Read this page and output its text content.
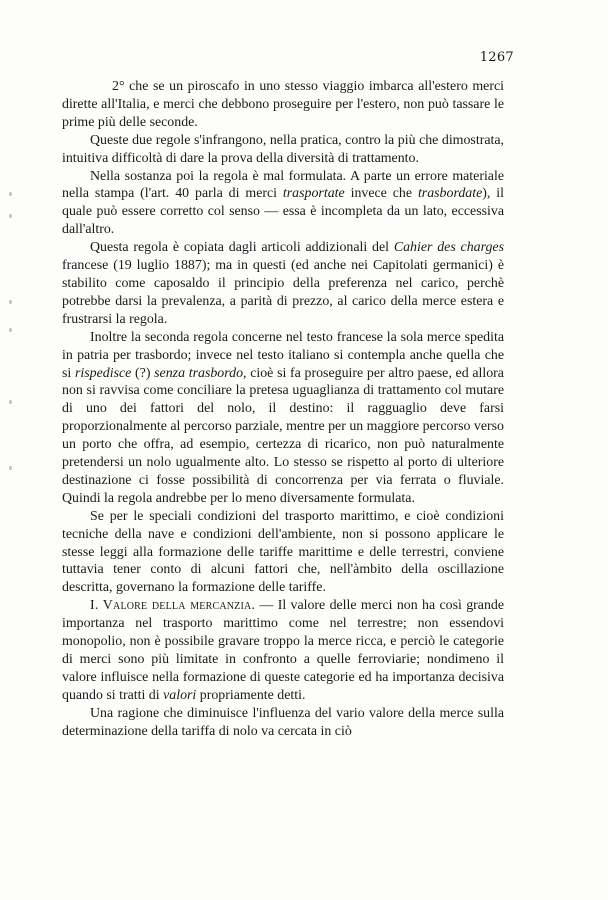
1267

2° che se un piroscafo in uno stesso viaggio imbarca all'estero merci dirette all'Italia, e merci che debbono proseguire per l'estero, non può tassare le prime più delle seconde.

Queste due regole s'infrangono, nella pratica, contro la più che dimostrata, intuitiva difficoltà di dare la prova della diversità di trattamento.

Nella sostanza poi la regola è mal formulata. A parte un errore materiale nella stampa (l'art. 40 parla di merci trasportate invece che trasbordate), il quale può essere corretto col senso — essa è incompleta da un lato, eccessiva dall'altro.

Questa regola è copiata dagli articoli addizionali del Cahier des charges francese (19 luglio 1887); ma in questi (ed anche nei Capitolati germanici) è stabilito come caposaldo il principio della preferenza nel carico, perchè potrebbe darsi la prevalenza, a parità di prezzo, al carico della merce estera e frustrarsi la regola.

Inoltre la seconda regola concerne nel testo francese la sola merce spedita in patria per trasbordo; invece nel testo italiano si contempla anche quella che si rispedisce (?) senza trasbordo, cioè si fa proseguire per altro paese, ed allora non si ravvisa come conciliare la pretesa uguaglianza di trattamento col mutare di uno dei fattori del nolo, il destino: il ragguaglio deve farsi proporzionalmente al percorso parziale, mentre per un maggiore percorso verso un porto che offra, ad esempio, certezza di ricarico, non può naturalmente pretendersi un nolo ugualmente alto. Lo stesso se rispetto al porto di ulteriore destinazione ci fosse possibilità di concorrenza per via ferrata o fluviale. Quindi la regola andrebbe per lo meno diversamente formulata.

Se per le speciali condizioni del trasporto marittimo, e cioè condizioni tecniche della nave e condizioni dell'ambiente, non si possono applicare le stesse leggi alla formazione delle tariffe marittime e delle terrestri, conviene tuttavia tener conto di alcuni fattori che, nell'àmbito della oscillazione descritta, governano la formazione delle tariffe.

I. Valore della mercanzia. — Il valore delle merci non ha così grande importanza nel trasporto marittimo come nel terrestre; non essendovi monopolio, non è possibile gravare troppo la merce ricca, e perciò le categorie di merci sono più limitate in confronto a quelle ferroviarie; nondimeno il valore influisce nella formazione di queste categorie ed ha importanza decisiva quando si tratti di valori propriamente detti.

Una ragione che diminuisce l'influenza del vario valore della merce sulla determinazione della tariffa di nolo va cercata in ciò
